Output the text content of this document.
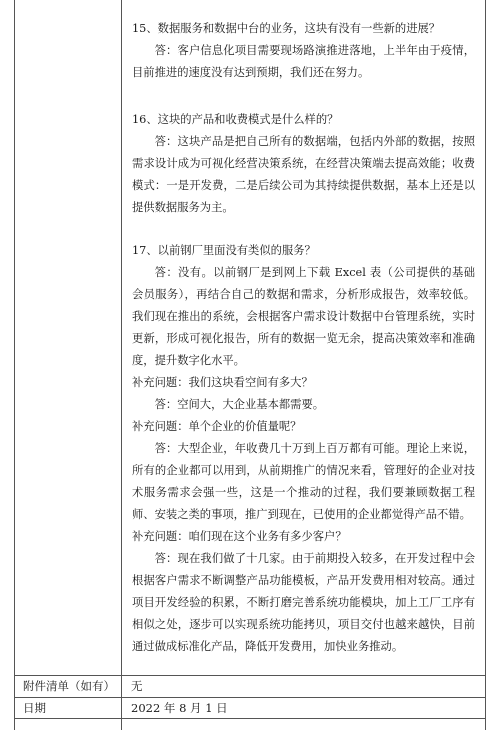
15、数据服务和数据中台的业务，这块有没有一些新的进展？

答：客户信息化项目需要现场路演推进落地，上半年由于疫情，目前推进的速度没有达到预期，我们还在努力。

16、这块的产品和收费模式是什么样的？

答：这块产品是把自己所有的数据端，包括内外部的数据，按照需求设计成为可视化经营决策系统，在经营决策端去提高效能；收费模式：一是开发费，二是后续公司为其持续提供数据，基本上还是以提供数据服务为主。

17、以前钢厂里面没有类似的服务？

答：没有。以前钢厂是到网上下载 Excel 表（公司提供的基础会员服务），再结合自己的数据和需求，分析形成报告，效率较低。我们现在推出的系统，会根据客户需求设计数据中台管理系统，实时更新，形成可视化报告，所有的数据一览无余，提高决策效率和准确度，提升数字化水平。

补充问题：我们这块看空间有多大？

答：空间大，大企业基本都需要。

补充问题：单个企业的价值量呢？

答：大型企业，年收费几十万到上百万都有可能。理论上来说，所有的企业都可以用到，从前期推广的情况来看，管理好的企业对技术服务需求会强一些，这是一个推动的过程，我们要兼顾数据工程师、安装之类的事项，推广到现在，已使用的企业都觉得产品不错。

补充问题：咱们现在这个业务有多少客户？

答：现在我们做了十几家。由于前期投入较多，在开发过程中会根据客户需求不断调整产品功能模板，产品开发费用相对较高。通过项目开发经验的积累，不断打磨完善系统功能模块，加上工厂工序有相似之处，逐步可以实现系统功能拷贝，项目交付也越来越快，目前通过做成标准化产品，降低开发费用，加快业务推动。

附件清单（如有） 无
日期	2022 年 8 月 1 日
